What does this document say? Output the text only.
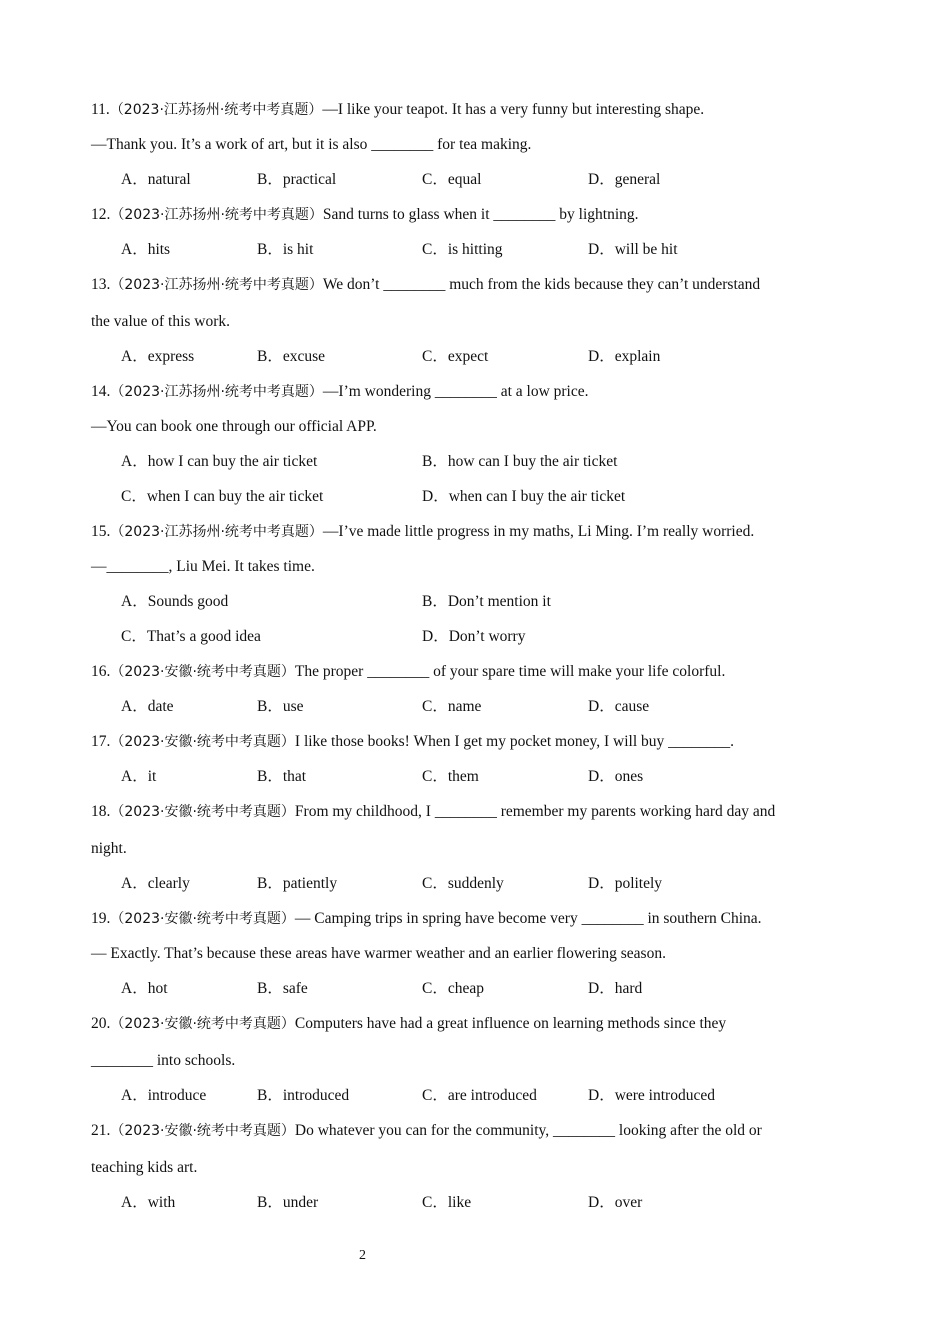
11.（2023·江苏扬州·统考中考真题）—I like your teapot. It has a very funny but interesting shape.
—Thank you. It’s a work of art, but it is also ________ for tea making.
A．natural	B．practical	C．equal	D．general
12.（2023·江苏扬州·统考中考真题）Sand turns to glass when it ________ by lightning.
A．hits	B．is hit	C．is hitting	D．will be hit
13.（2023·江苏扬州·统考中考真题）We don’t ________ much from the kids because they can’t understand
the value of this work.
A．express	B．excuse	C．expect	D．explain
14.（2023·江苏扬州·统考中考真题）—I’m wondering ________ at a low price.
—You can book one through our official APP.
A．how I can buy the air ticket	B．how can I buy the air ticket
C．when I can buy the air ticket	D．when can I buy the air ticket
15.（2023·江苏扬州·统考中考真题）—I’ve made little progress in my maths, Li Ming. I’m really worried.
—________, Liu Mei. It takes time.
A．Sounds good	B．Don’t mention it
C．That’s a good idea	D．Don’t worry
16.（2023·安徽·统考中考真题）The proper ________ of your spare time will make your life colorful.
A．date	B．use	C．name	D．cause
17.（2023·安徽·统考中考真题）I like those books! When I get my pocket money, I will buy ________.
A．it	B．that	C．them	D．ones
18.（2023·安徽·统考中考真题）From my childhood, I ________ remember my parents working hard day and
night.
A．clearly	B．patiently	C．suddenly	D．politely
19.（2023·安徽·统考中考真题）— Camping trips in spring have become very ________ in southern China.
— Exactly. That’s because these areas have warmer weather and an earlier flowering season.
A．hot	B．safe	C．cheap	D．hard
20.（2023·安徽·统考中考真题）Computers have had a great influence on learning methods since they
________ into schools.
A．introduce	B．introduced	C．are introduced	D．were introduced
21.（2023·安徽·统考中考真题）Do whatever you can for the community, ________ looking after the old or
teaching kids art.
A．with	B．under	C．like	D．over
2
